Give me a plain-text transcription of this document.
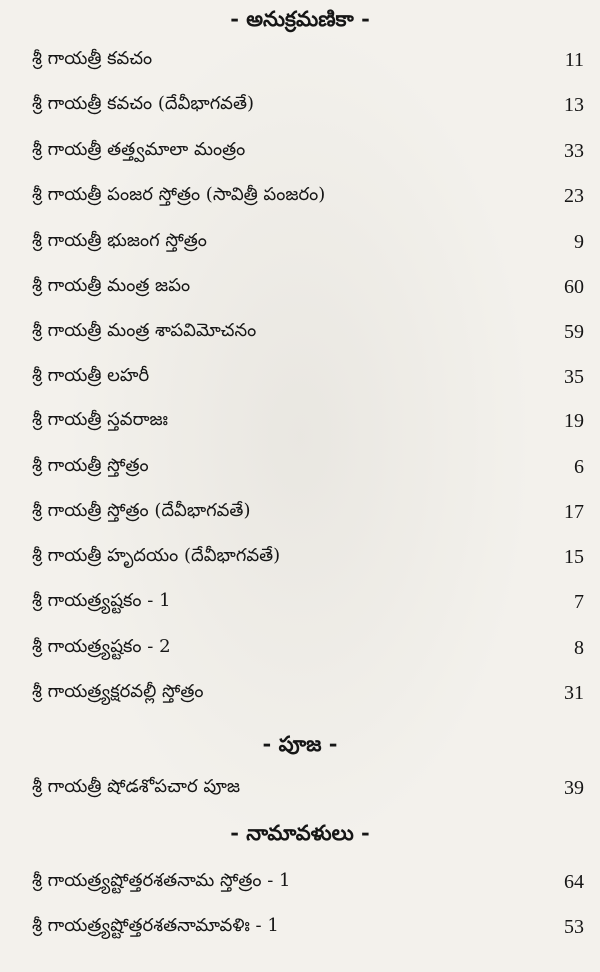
- అనుక్రమణికా -
శ్రీ గాయత్రీ కవచం	11
శ్రీ గాయత్రీ కవచం (దేవీభాగవతే)	13
శ్రీ గాయత్రీ తత్త్వమాలా మంత్రం	33
శ్రీ గాయత్రీ పంజర స్తోత్రం (సావిత్రీ పంజరం)	23
శ్రీ గాయత్రీ భుజంగ స్తోత్రం	9
శ్రీ గాయత్రీ మంత్ర జపం	60
శ్రీ గాయత్రీ మంత్ర శాపవిమోచనం	59
శ్రీ గాయత్రీ లహరీ	35
శ్రీ గాయత్రీ స్తవరాజః	19
శ్రీ గాయత్రీ స్తోత్రం	6
శ్రీ గాయత్రీ స్తోత్రం (దేవీభాగవతే)	17
శ్రీ గాయత్రీ హృదయం (దేవీభాగవతే)	15
శ్రీ గాయత్ర్యష్టకం - 1	7
శ్రీ గాయత్ర్యష్టకం - 2	8
శ్రీ గాయత్ర్యక్షరవల్లీ స్తోత్రం	31
- పూజ -
శ్రీ గాయత్రీ షోడశోపచార పూజ	39
- నామావళులు -
శ్రీ గాయత్ర్యష్టోత్తరశతనామ స్తోత్రం - 1	64
శ్రీ గాయత్ర్యష్టోత్తరశతనామావళిః - 1	53
